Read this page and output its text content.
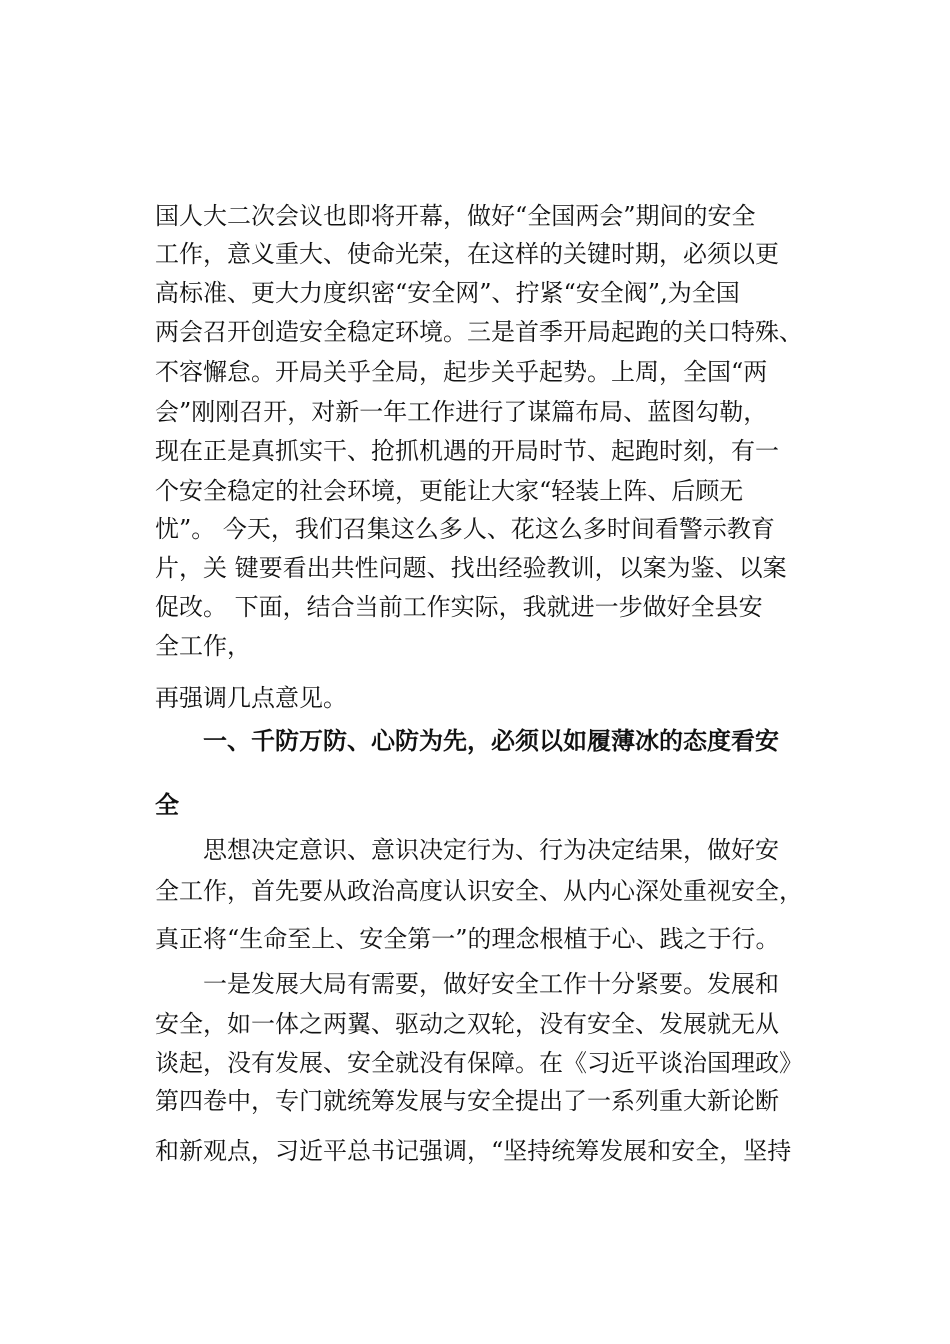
国人大二次会议也即将开幕，做好“全国两会”期间的安全
工作，意义重大、使命光荣，在这样的关键时期，必须以更
高标准、更大力度织密“安全网”、拧紧“安全阀”,为全国
两会召开创造安全稳定环境。三是首季开局起跑的关口特殊、
不容懈怠。开局关乎全局，起步关乎起势。上周，全国“两
会”刚刚召开，对新一年工作进行了谋篇布局、蓝图勾勒，
现在正是真抓实干、抢抓机遇的开局时节、起跑时刻，有一
个安全稳定的社会环境，更能让大家“轻装上阵、后顾无
忧”。 今天，我们召集这么多人、花这么多时间看警示教育
片，关 键要看出共性问题、找出经验教训，以案为鉴、以案
促改。 下面，结合当前工作实际，我就进一步做好全县安
全工作，
再强调几点意见。
一、千防万防、心防为先，必须以如履薄冰的态度看安
全
思想决定意识、意识决定行为、行为决定结果，做好安
全工作，首先要从政治高度认识安全、从内心深处重视安全，
真正将“生命至上、安全第一”的理念根植于心、践之于行。
一是发展大局有需要，做好安全工作十分紧要。发展和
安全，如一体之两翼、驱动之双轮，没有安全、发展就无从
谈起，没有发展、安全就没有保障。在《习近平谈治国理政》
第四卷中，专门就统筹发展与安全提出了一系列重大新论断
和新观点，习近平总书记强调，“坚持统筹发展和安全，坚持
